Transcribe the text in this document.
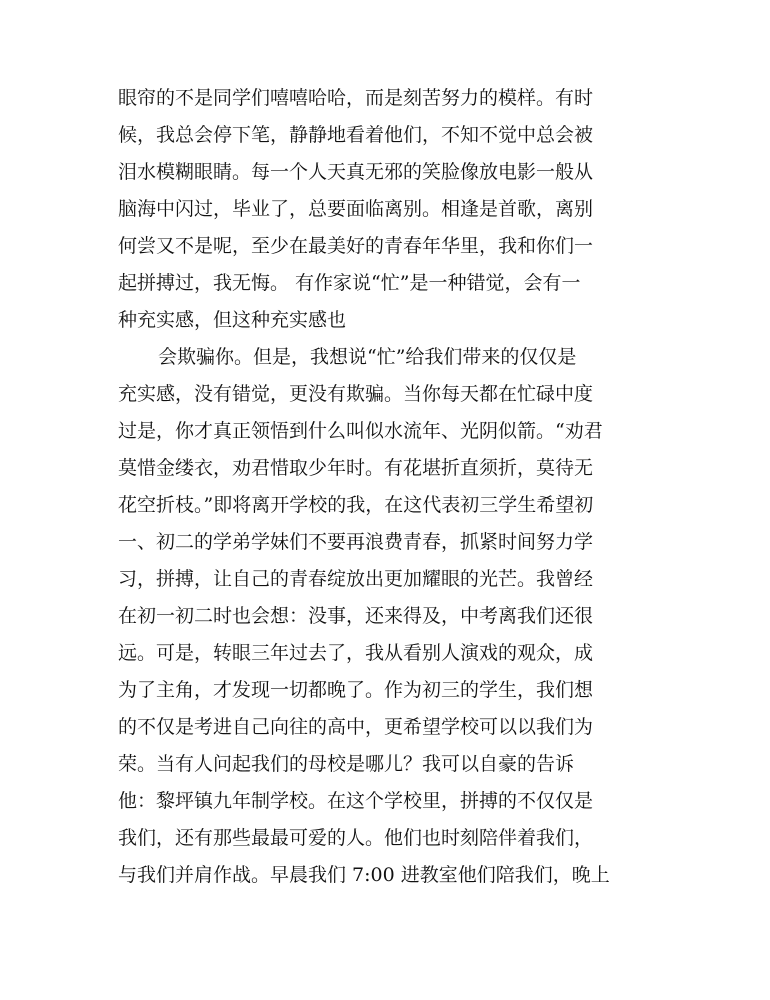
眼帘的不是同学们嘻嘻哈哈，而是刻苦努力的模样。有时
候，我总会停下笔，静静地看着他们，不知不觉中总会被
泪水模糊眼睛。每一个人天真无邪的笑脸像放电影一般从
脑海中闪过，毕业了，总要面临离别。相逢是首歌，离别
何尝又不是呢，至少在最美好的青春年华里，我和你们一
起拼搏过，我无悔。 有作家说“忙”是一种错觉，会有一
种充实感，但这种充实感也
会欺骗你。但是，我想说“忙”给我们带来的仅仅是
充实感，没有错觉，更没有欺骗。当你每天都在忙碌中度
过是，你才真正领悟到什么叫似水流年、光阴似箭。“劝君
莫惜金缕衣，劝君惜取少年时。有花堪折直须折，莫待无
花空折枝。”即将离开学校的我，在这代表初三学生希望初
一、初二的学弟学妹们不要再浪费青春，抓紧时间努力学
习，拼搏，让自己的青春绽放出更加耀眼的光芒。我曾经
在初一初二时也会想：没事，还来得及，中考离我们还很
远。可是，转眼三年过去了，我从看别人演戏的观众，成
为了主角，才发现一切都晚了。作为初三的学生，我们想
的不仅是考进自己向往的高中，更希望学校可以以我们为
荣。当有人问起我们的母校是哪儿？我可以自豪的告诉
他：黎坪镇九年制学校。在这个学校里，拼搏的不仅仅是
我们，还有那些最最可爱的人。他们也时刻陪伴着我们，
与我们并肩作战。早晨我们 7:00 进教室他们陪我们，晚上
